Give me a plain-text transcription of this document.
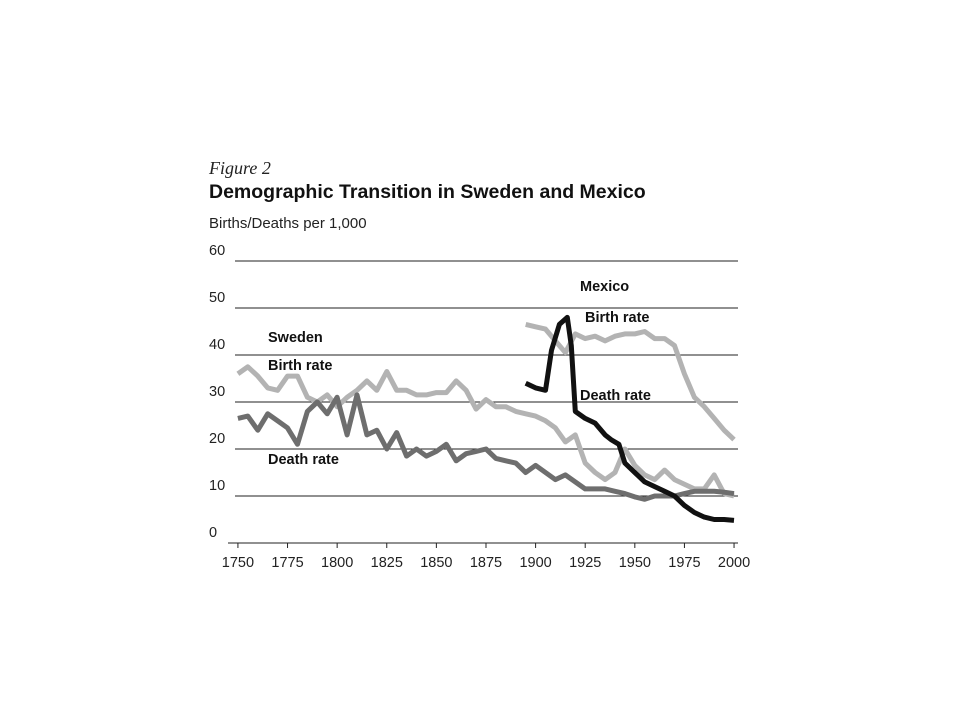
Figure 2
Demographic Transition in Sweden and Mexico
Births/Deaths per 1,000
0
10
20
30
40
50
60
1750 1775 1800 1825 1850 1875 1900 1925 1950 1975 2000
Mexico
Birth rate
Death rate
Sweden
Birth rate
Death rate
